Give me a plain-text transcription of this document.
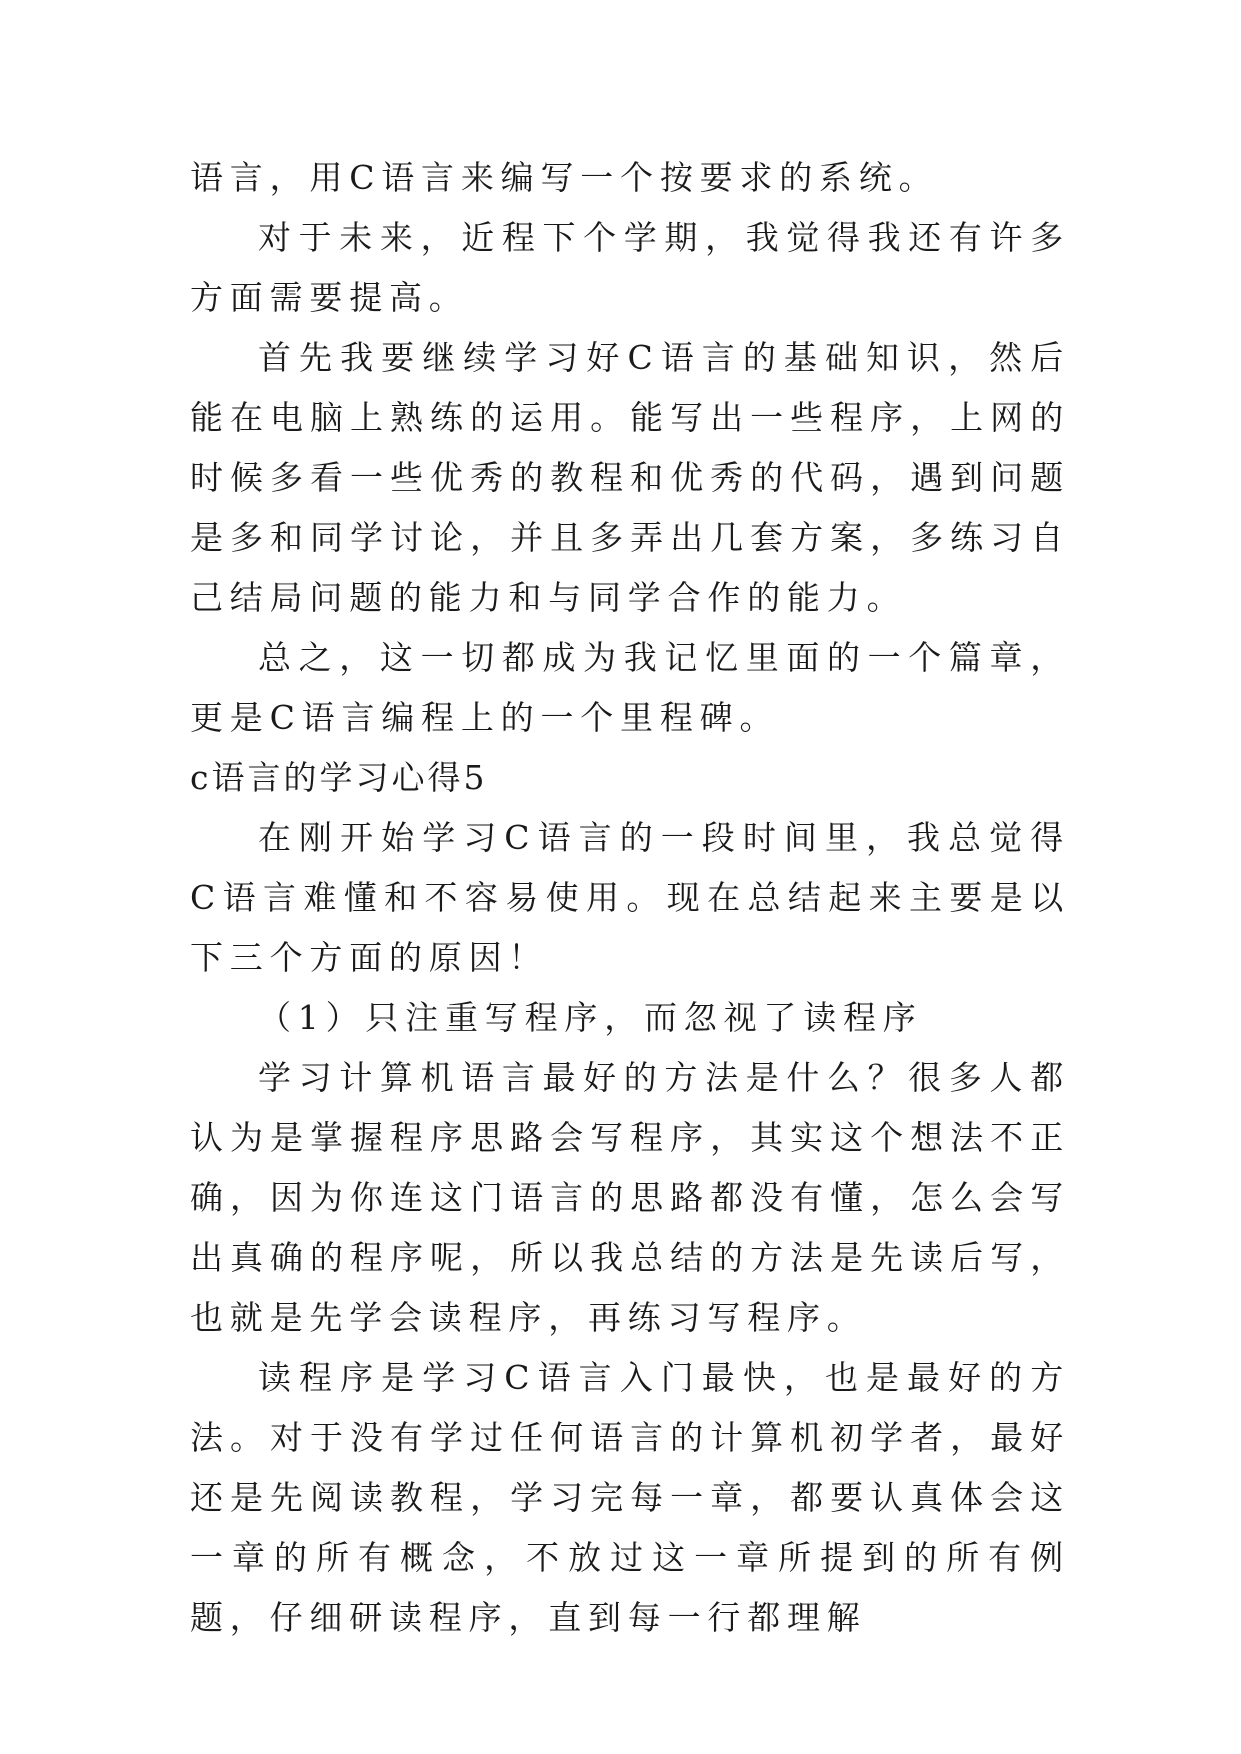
语言，用C语言来编写一个按要求的系统。

对于未来，近程下个学期，我觉得我还有许多方面需要提高。

首先我要继续学习好C语言的基础知识，然后能在电脑上熟练的运用。能写出一些程序，上网的时候多看一些优秀的教程和优秀的代码，遇到问题是多和同学讨论，并且多弄出几套方案，多练习自己结局问题的能力和与同学合作的能力。

总之，这一切都成为我记忆里面的一个篇章，更是C语言编程上的一个里程碑。

c语言的学习心得5

在刚开始学习C语言的一段时间里，我总觉得C语言难懂和不容易使用。现在总结起来主要是以下三个方面的原因！

（1）只注重写程序，而忽视了读程序

学习计算机语言最好的方法是什么？很多人都认为是掌握程序思路会写程序，其实这个想法不正确，因为你连这门语言的思路都没有懂，怎么会写出真确的程序呢，所以我总结的方法是先读后写，也就是先学会读程序，再练习写程序。

读程序是学习C语言入门最快，也是最好的方法。对于没有学过任何语言的计算机初学者，最好还是先阅读教程，学习完每一章，都要认真体会这一章的所有概念，不放过这一章所提到的所有例题，仔细研读程序，直到每一行都理解
